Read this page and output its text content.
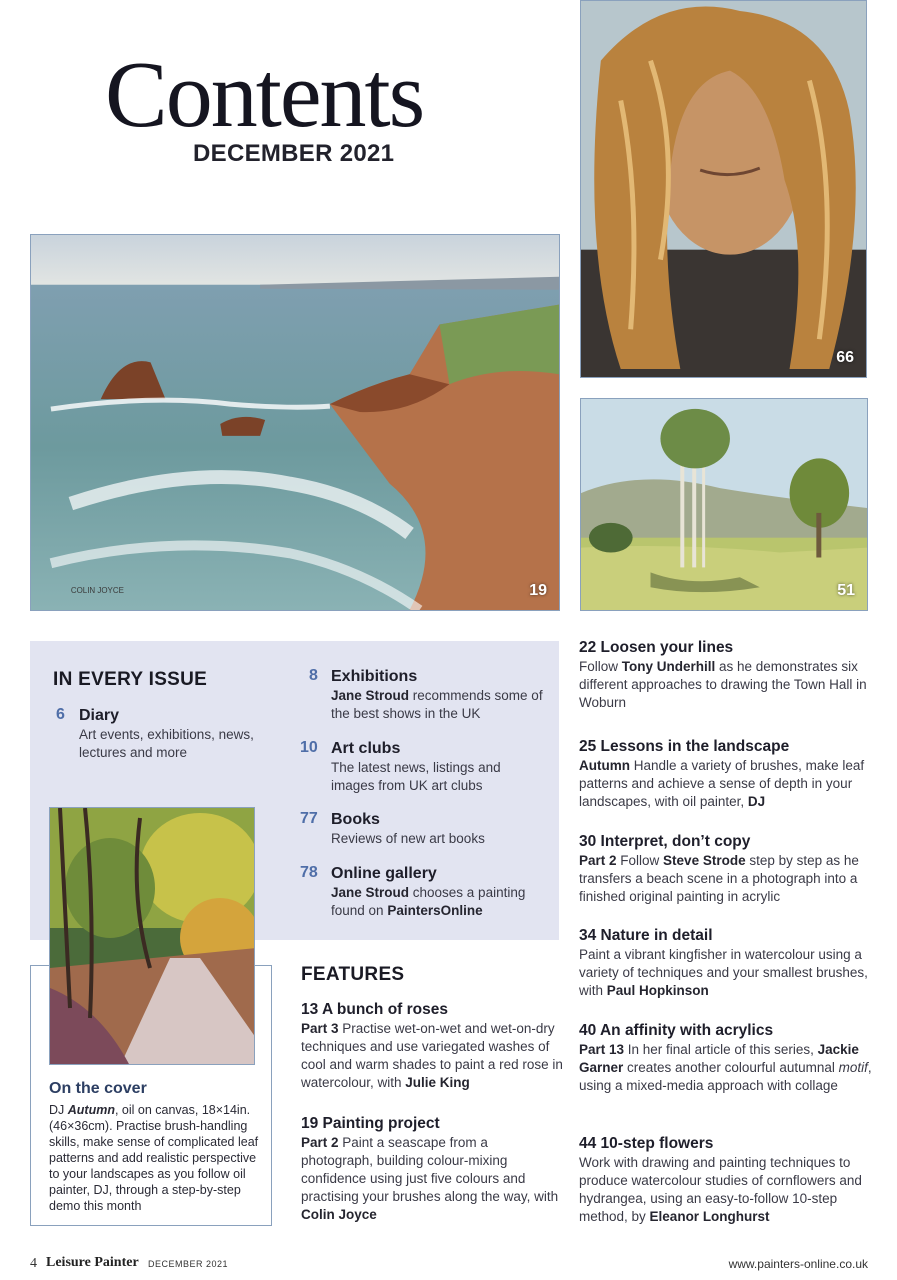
Contents
DECEMBER 2021
COLIN JOYCE	19
66
51
IN EVERY ISSUE
6 Diary
Art events, exhibitions, news, lectures and more
8 Exhibitions
Jane Stroud recommends some of the best shows in the UK
10 Art clubs
The latest news, listings and images from UK art clubs
77 Books
Reviews of new art books
78 Online gallery
Jane Stroud chooses a painting found on PaintersOnline
On the cover
DJ Autumn, oil on canvas, 18×14in. (46×36cm). Practise brush-handling skills, make sense of complicated leaf patterns and add realistic perspective to your landscapes as you follow oil painter, DJ, through a step-by-step demo this month
FEATURES
13 A bunch of roses
Part 3 Practise wet-on-wet and wet-on-dry techniques and use variegated washes of cool and warm shades to paint a red rose in watercolour, with Julie King
19 Painting project
Part 2 Paint a seascape from a photograph, building colour-mixing confidence using just five colours and practising your brushes along the way, with Colin Joyce
22 Loosen your lines
Follow Tony Underhill as he demonstrates six different approaches to drawing the Town Hall in Woburn
25 Lessons in the landscape
Autumn Handle a variety of brushes, make leaf patterns and achieve a sense of depth in your landscapes, with oil painter, DJ
30 Interpret, don’t copy
Part 2 Follow Steve Strode step by step as he transfers a beach scene in a photograph into a finished original painting in acrylic
34 Nature in detail
Paint a vibrant kingfisher in watercolour using a variety of techniques and your smallest brushes, with Paul Hopkinson
40 An affinity with acrylics
Part 13 In her final article of this series, Jackie Garner creates another colourful autumnal motif, using a mixed-media approach with collage
44 10-step flowers
Work with drawing and painting techniques to produce watercolour studies of cornflowers and hydrangea, using an easy-to-follow 10-step method, by Eleanor Longhurst
4 Leisure Painter DECEMBER 2021	www.painters-online.co.uk
